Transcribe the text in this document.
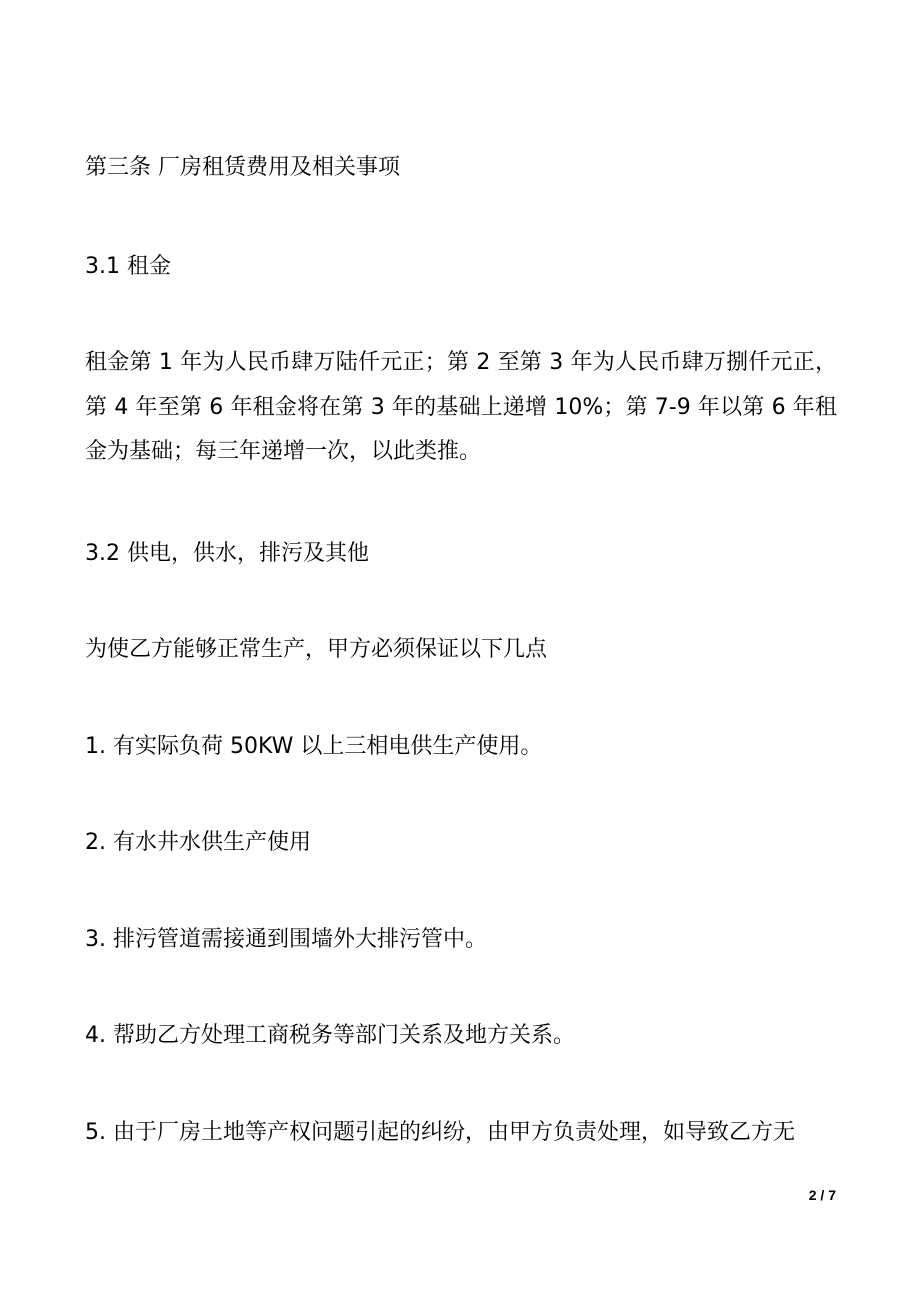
第三条 厂房租赁费用及相关事项
3.1 租金
租金第 1 年为人民币肆万陆仟元正；第 2 至第 3 年为人民币肆万捌仟元正，第 4 年至第 6 年租金将在第 3 年的基础上递增 10%；第 7-9 年以第 6 年租金为基础；每三年递增一次，以此类推。
3.2 供电，供水，排污及其他
为使乙方能够正常生产，甲方必须保证以下几点
1. 有实际负荷 50KW 以上三相电供生产使用。
2. 有水井水供生产使用
3. 排污管道需接通到围墙外大排污管中。
4. 帮助乙方处理工商税务等部门关系及地方关系。
5. 由于厂房土地等产权问题引起的纠纷，由甲方负责处理，如导致乙方无
2 / 7
